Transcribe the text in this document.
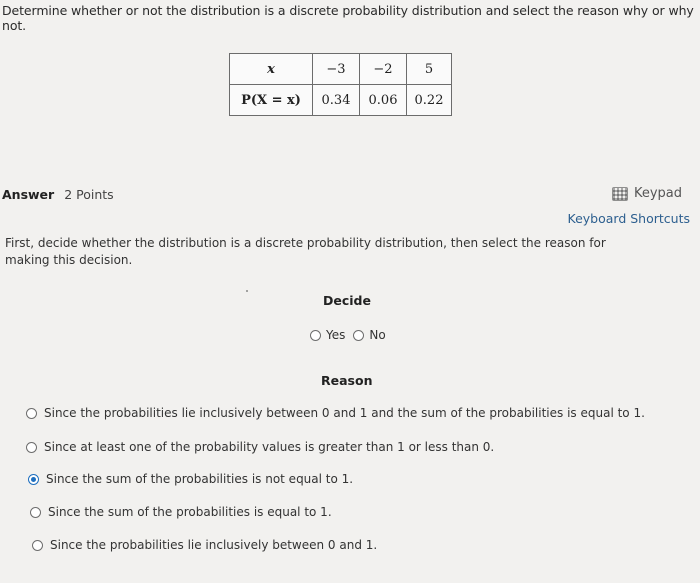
Determine whether or not the distribution is a discrete probability distribution and select the reason why or why not.
x	−3	−2	5
P(X = x)	0.34	0.06	0.22
Answer 2 Points	Keypad
Keyboard Shortcuts
First, decide whether the distribution is a discrete probability distribution, then select the reason for making this decision.
Decide
Yes No
Reason
Since the probabilities lie inclusively between 0 and 1 and the sum of the probabilities is equal to 1.
Since at least one of the probability values is greater than 1 or less than 0.
Since the sum of the probabilities is not equal to 1.
Since the sum of the probabilities is equal to 1.
Since the probabilities lie inclusively between 0 and 1.
